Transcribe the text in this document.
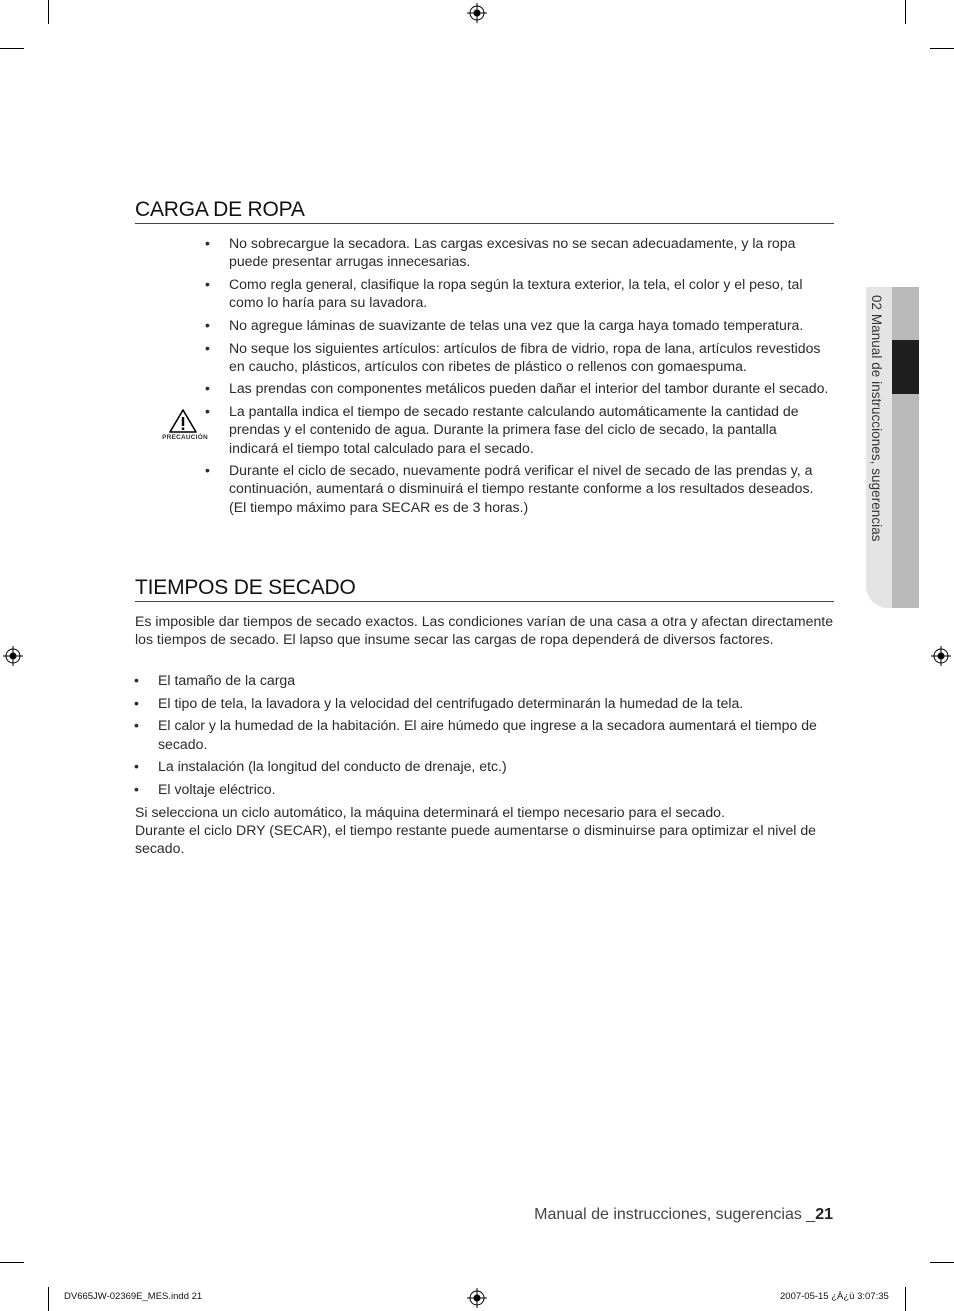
02 Manual de instrucciones, sugerencias
CARGA DE ROPA
• No sobrecargue la secadora. Las cargas excesivas no se secan adecuadamente, y la ropa puede presentar arrugas innecesarias.
• Como regla general, clasifique la ropa según la textura exterior, la tela, el color y el peso, tal como lo haría para su lavadora.
• No agregue láminas de suavizante de telas una vez que la carga haya tomado temperatura.
• No seque los siguientes artículos: artículos de fibra de vidrio, ropa de lana, artículos revestidos en caucho, plásticos, artículos con ribetes de plástico o rellenos con gomaespuma.
• Las prendas con componentes metálicos pueden dañar el interior del tambor durante el secado.
• La pantalla indica el tiempo de secado restante calculando automáticamente la cantidad de prendas y el contenido de agua. Durante la primera fase del ciclo de secado, la pantalla indicará el tiempo total calculado para el secado.
• Durante el ciclo de secado, nuevamente podrá verificar el nivel de secado de las prendas y, a continuación, aumentará o disminuirá el tiempo restante conforme a los resultados deseados. (El tiempo máximo para SECAR es de 3 horas.)
PRECAUCIÓN
TIEMPOS DE SECADO
Es imposible dar tiempos de secado exactos. Las condiciones varían de una casa a otra y afectan directamente los tiempos de secado. El lapso que insume secar las cargas de ropa dependerá de diversos factores.
• El tamaño de la carga
• El tipo de tela, la lavadora y la velocidad del centrifugado determinarán la humedad de la tela.
• El calor y la humedad de la habitación. El aire húmedo que ingrese a la secadora aumentará el tiempo de secado.
• La instalación (la longitud del conducto de drenaje, etc.)
• El voltaje eléctrico.
Si selecciona un ciclo automático, la máquina determinará el tiempo necesario para el secado.
Durante el ciclo DRY (SECAR), el tiempo restante puede aumentarse o disminuirse para optimizar el nivel de secado.
Manual de instrucciones, sugerencias _21
DV665JW-02369E_MES.indd 21	2007-05-15 ¿À¿ü 3:07:35
